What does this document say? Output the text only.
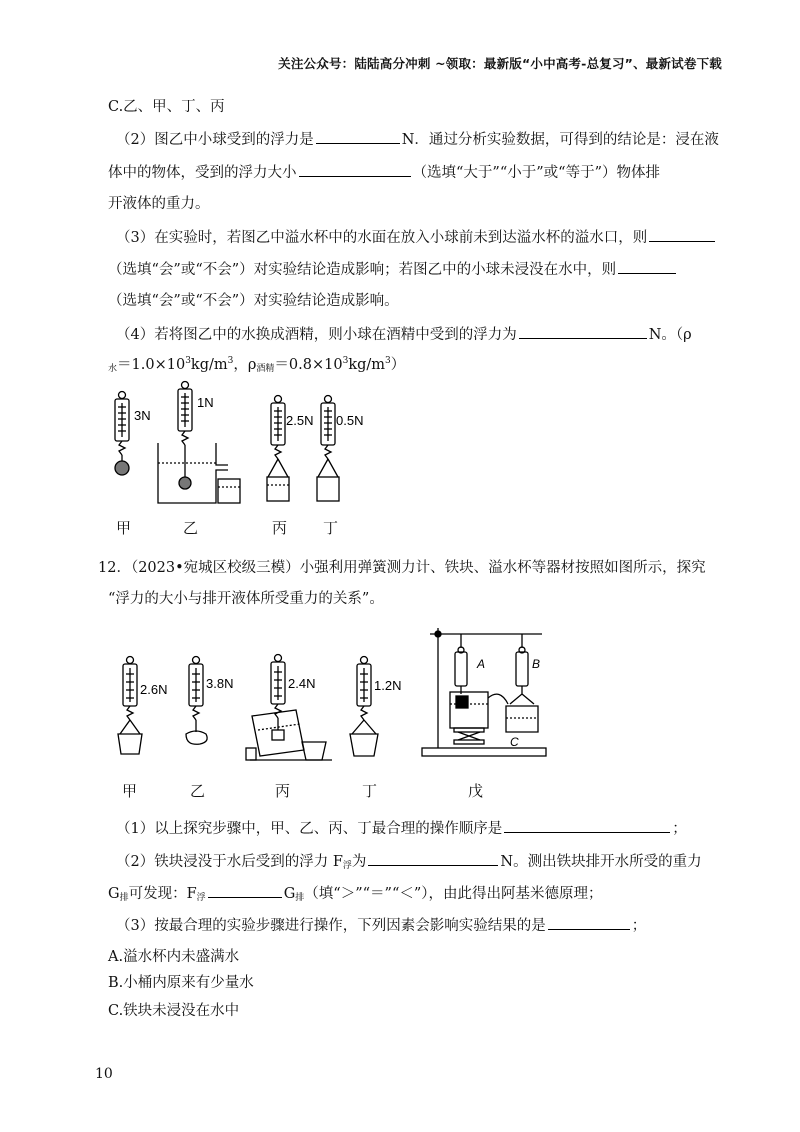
关注公众号：陆陆高分冲刺 ~领取：最新版“小中高考-总复习”、最新试卷下载
C.乙、甲、丁、丙
（2）图乙中小球受到的浮力是	N．通过分析实验数据，可得到的结论是：浸在液
体中的物体，受到的浮力大小	（选填“大于”“小于”或“等于”）物体排
开液体的重力。
（3）在实验时，若图乙中溢水杯中的水面在放入小球前未到达溢水杯的溢水口，则
（选填“会”或“不会”）对实验结论造成影响；若图乙中的小球未浸没在水中，则
（选填“会”或“不会”）对实验结论造成影响。
（4）若将图乙中的水换成酒精，则小球在酒精中受到的浮力为	N。（ρ
$_水=1.0\times 10^3kg/m^3$，$\rho_{酒精}=0.8\times 10^3kg/m^3$）
3N
1N
2.5N 0.5N
甲	乙	丙 丁
12．（2023•宛城区校级三模）小强利用弹簧测力计、铁块、溢水杯等器材按照如图所示，探究
“浮力的大小与排开液体所受重力的关系”。
2.6N	3.8N	2.4N	1.2N
A	B
C
甲	乙	丙	丁	戊
（1）以上探究步骤中，甲、乙、丙、丁最合理的操作顺序是	；
（2）铁块浸没于水后受到的浮力 $F_浮$为	N。测出铁块排开水所受的重力
$G_排$可发现：$F_浮$	$G_排$（填“＞”“＝”“＜”），由此得出阿基米德原理；
（3）按最合理的实验步骤进行操作，下列因素会影响实验结果的是	；
A.溢水杯内未盛满水
B.小桶内原来有少量水
C.铁块未浸没在水中
10
